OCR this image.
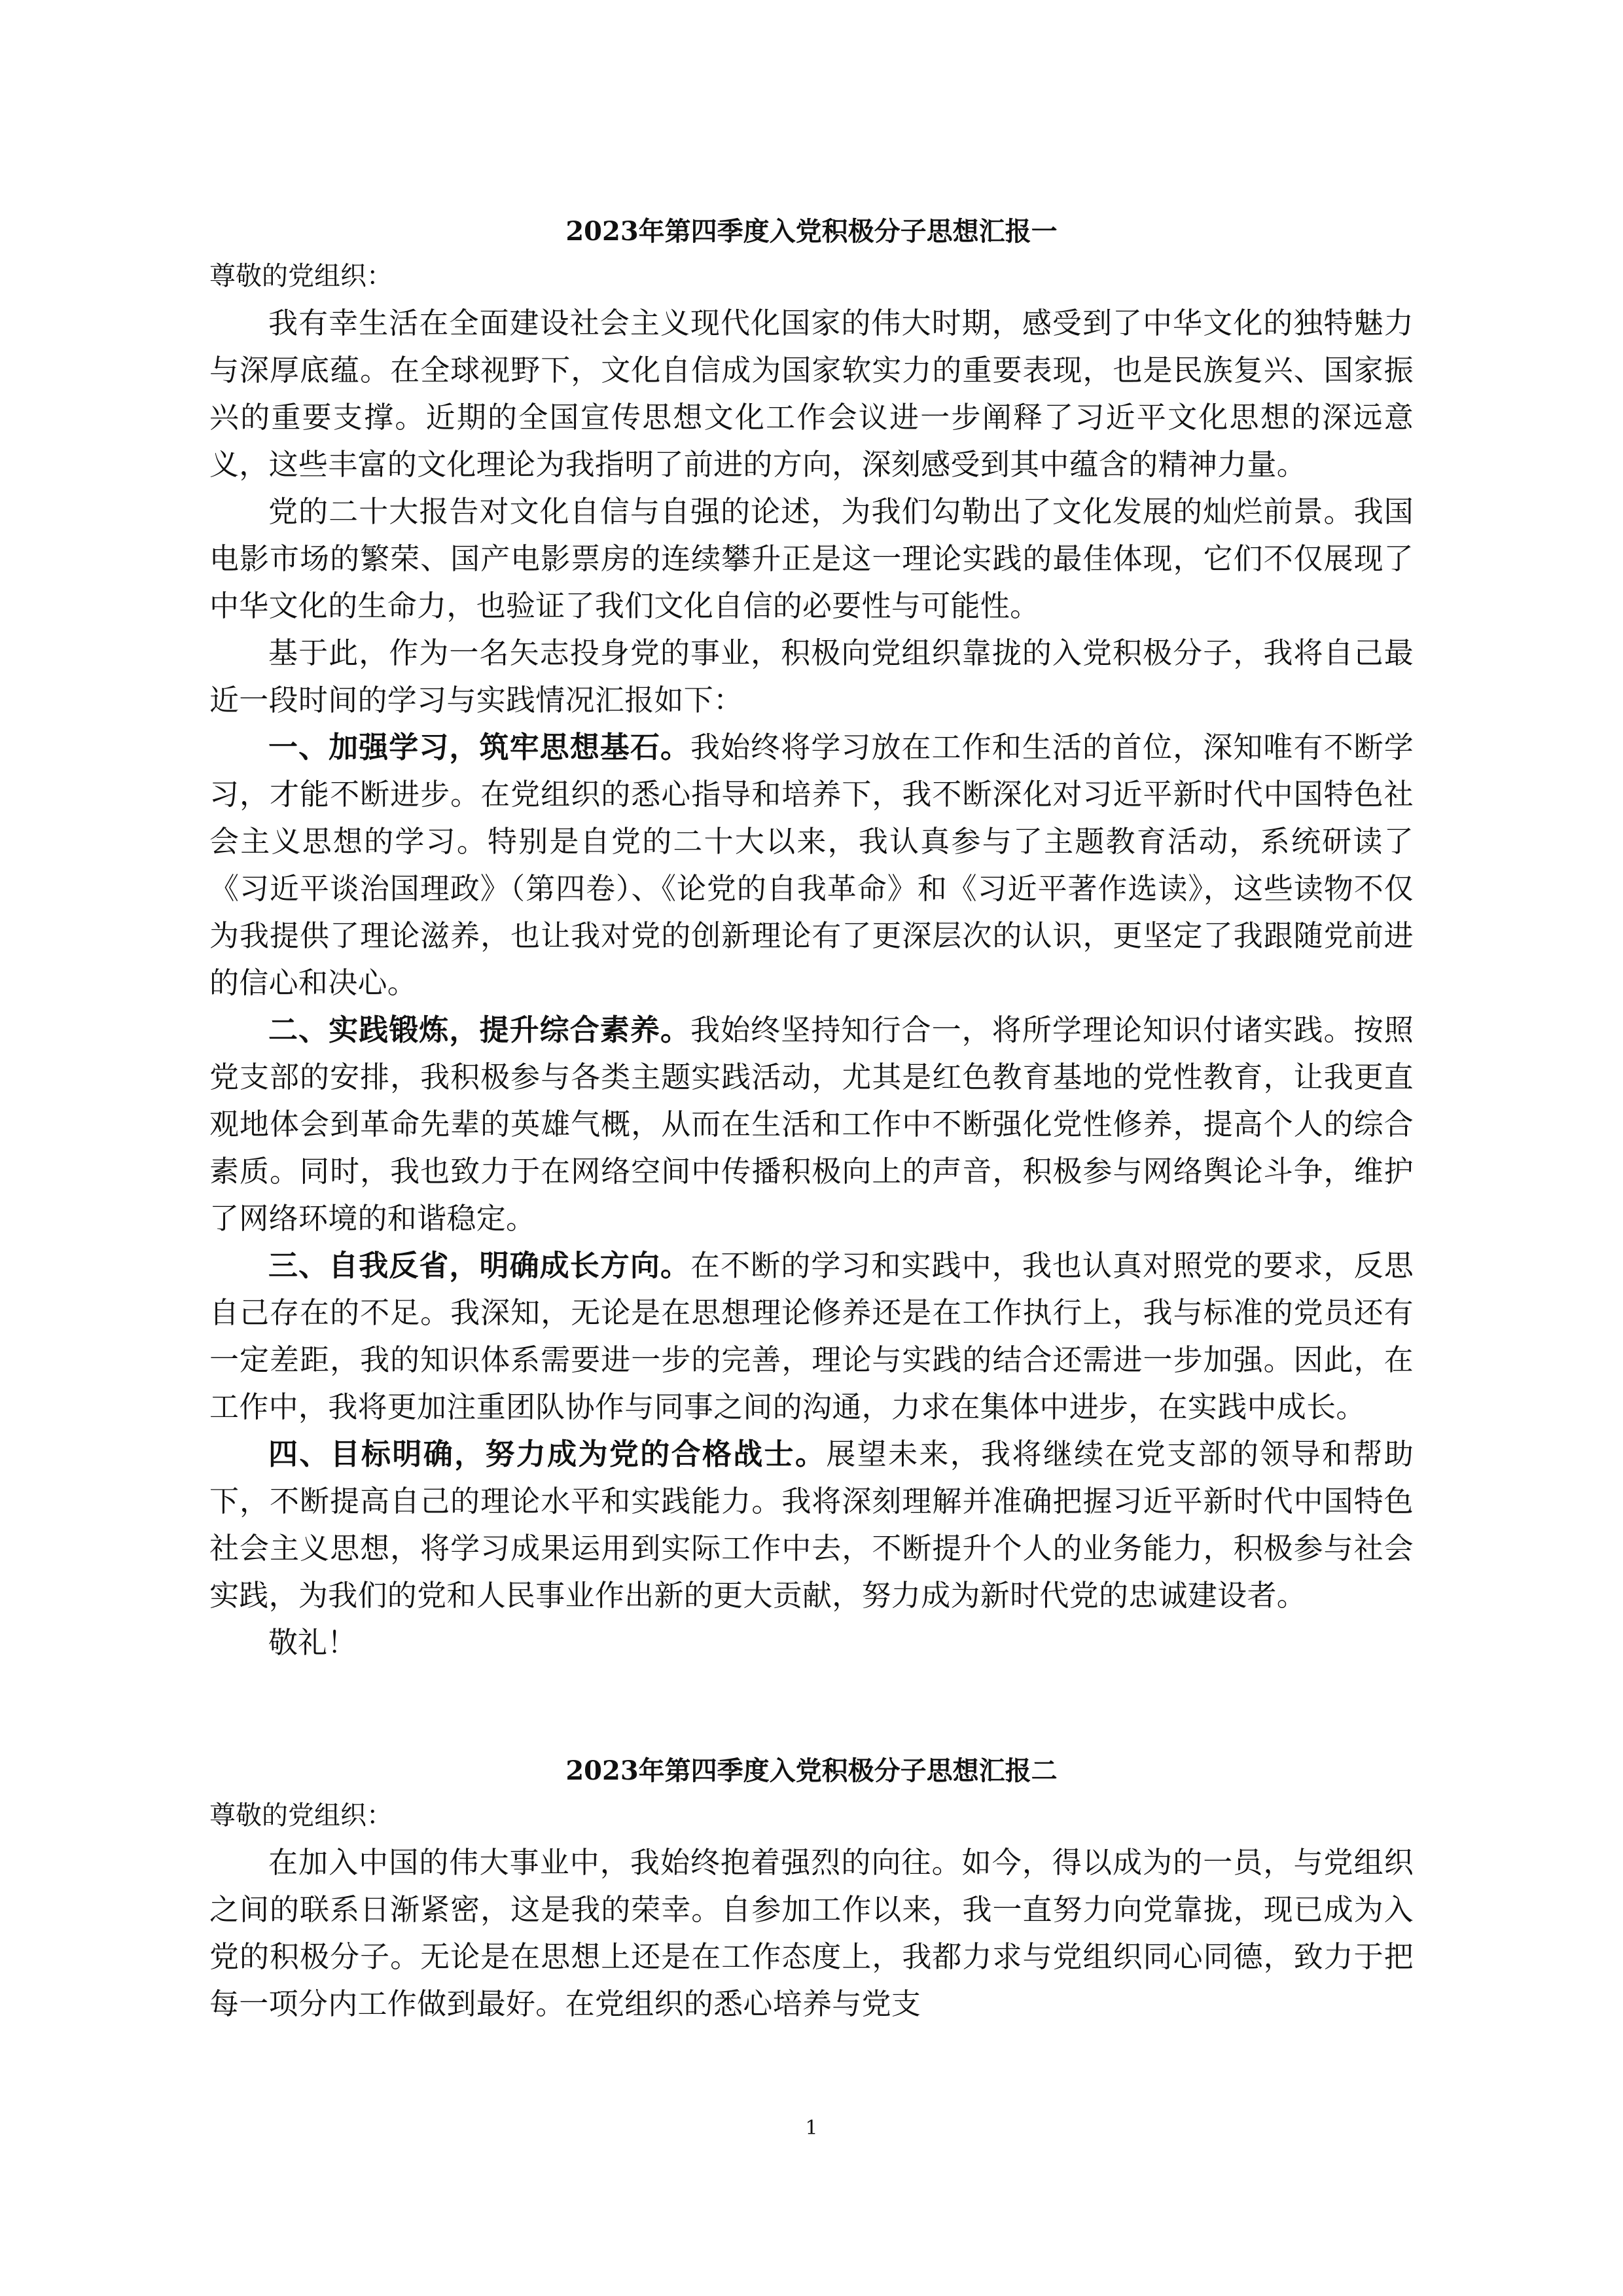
2023年第四季度入党积极分子思想汇报一

尊敬的党组织：

我有幸生活在全面建设社会主义现代化国家的伟大时期，感受到了中华文化的独特魅力与深厚底蕴。在全球视野下，文化自信成为国家软实力的重要表现，也是民族复兴、国家振兴的重要支撑。近期的全国宣传思想文化工作会议进一步阐释了习近平文化思想的深远意义，这些丰富的文化理论为我指明了前进的方向，深刻感受到其中蕴含的精神力量。

党的二十大报告对文化自信与自强的论述，为我们勾勒出了文化发展的灿烂前景。我国电影市场的繁荣、国产电影票房的连续攀升正是这一理论实践的最佳体现，它们不仅展现了中华文化的生命力，也验证了我们文化自信的必要性与可能性。

基于此，作为一名矢志投身党的事业，积极向党组织靠拢的入党积极分子，我将自己最近一段时间的学习与实践情况汇报如下：

一、加强学习，筑牢思想基石。我始终将学习放在工作和生活的首位，深知唯有不断学习，才能不断进步。在党组织的悉心指导和培养下，我不断深化对习近平新时代中国特色社会主义思想的学习。特别是自党的二十大以来，我认真参与了主题教育活动，系统研读了《习近平谈治国理政》（第四卷）、《论党的自我革命》和《习近平著作选读》，这些读物不仅为我提供了理论滋养，也让我对党的创新理论有了更深层次的认识，更坚定了我跟随党前进的信心和决心。

二、实践锻炼，提升综合素养。我始终坚持知行合一，将所学理论知识付诸实践。按照党支部的安排，我积极参与各类主题实践活动，尤其是红色教育基地的党性教育，让我更直观地体会到革命先辈的英雄气概，从而在生活和工作中不断强化党性修养，提高个人的综合素质。同时，我也致力于在网络空间中传播积极向上的声音，积极参与网络舆论斗争，维护了网络环境的和谐稳定。

三、自我反省，明确成长方向。在不断的学习和实践中，我也认真对照党的要求，反思自己存在的不足。我深知，无论是在思想理论修养还是在工作执行上，我与标准的党员还有一定差距，我的知识体系需要进一步的完善，理论与实践的结合还需进一步加强。因此，在工作中，我将更加注重团队协作与同事之间的沟通，力求在集体中进步，在实践中成长。

四、目标明确，努力成为党的合格战士。展望未来，我将继续在党支部的领导和帮助下，不断提高自己的理论水平和实践能力。我将深刻理解并准确把握习近平新时代中国特色社会主义思想，将学习成果运用到实际工作中去，不断提升个人的业务能力，积极参与社会实践，为我们的党和人民事业作出新的更大贡献，努力成为新时代党的忠诚建设者。

敬礼！

2023年第四季度入党积极分子思想汇报二

尊敬的党组织：

在加入中国的伟大事业中，我始终抱着强烈的向往。如今，得以成为的一员，与党组织之间的联系日渐紧密，这是我的荣幸。自参加工作以来，我一直努力向党靠拢，现已成为入党的积极分子。无论是在思想上还是在工作态度上，我都力求与党组织同心同德，致力于把每一项分内工作做到最好。在党组织的悉心培养与党支

1
